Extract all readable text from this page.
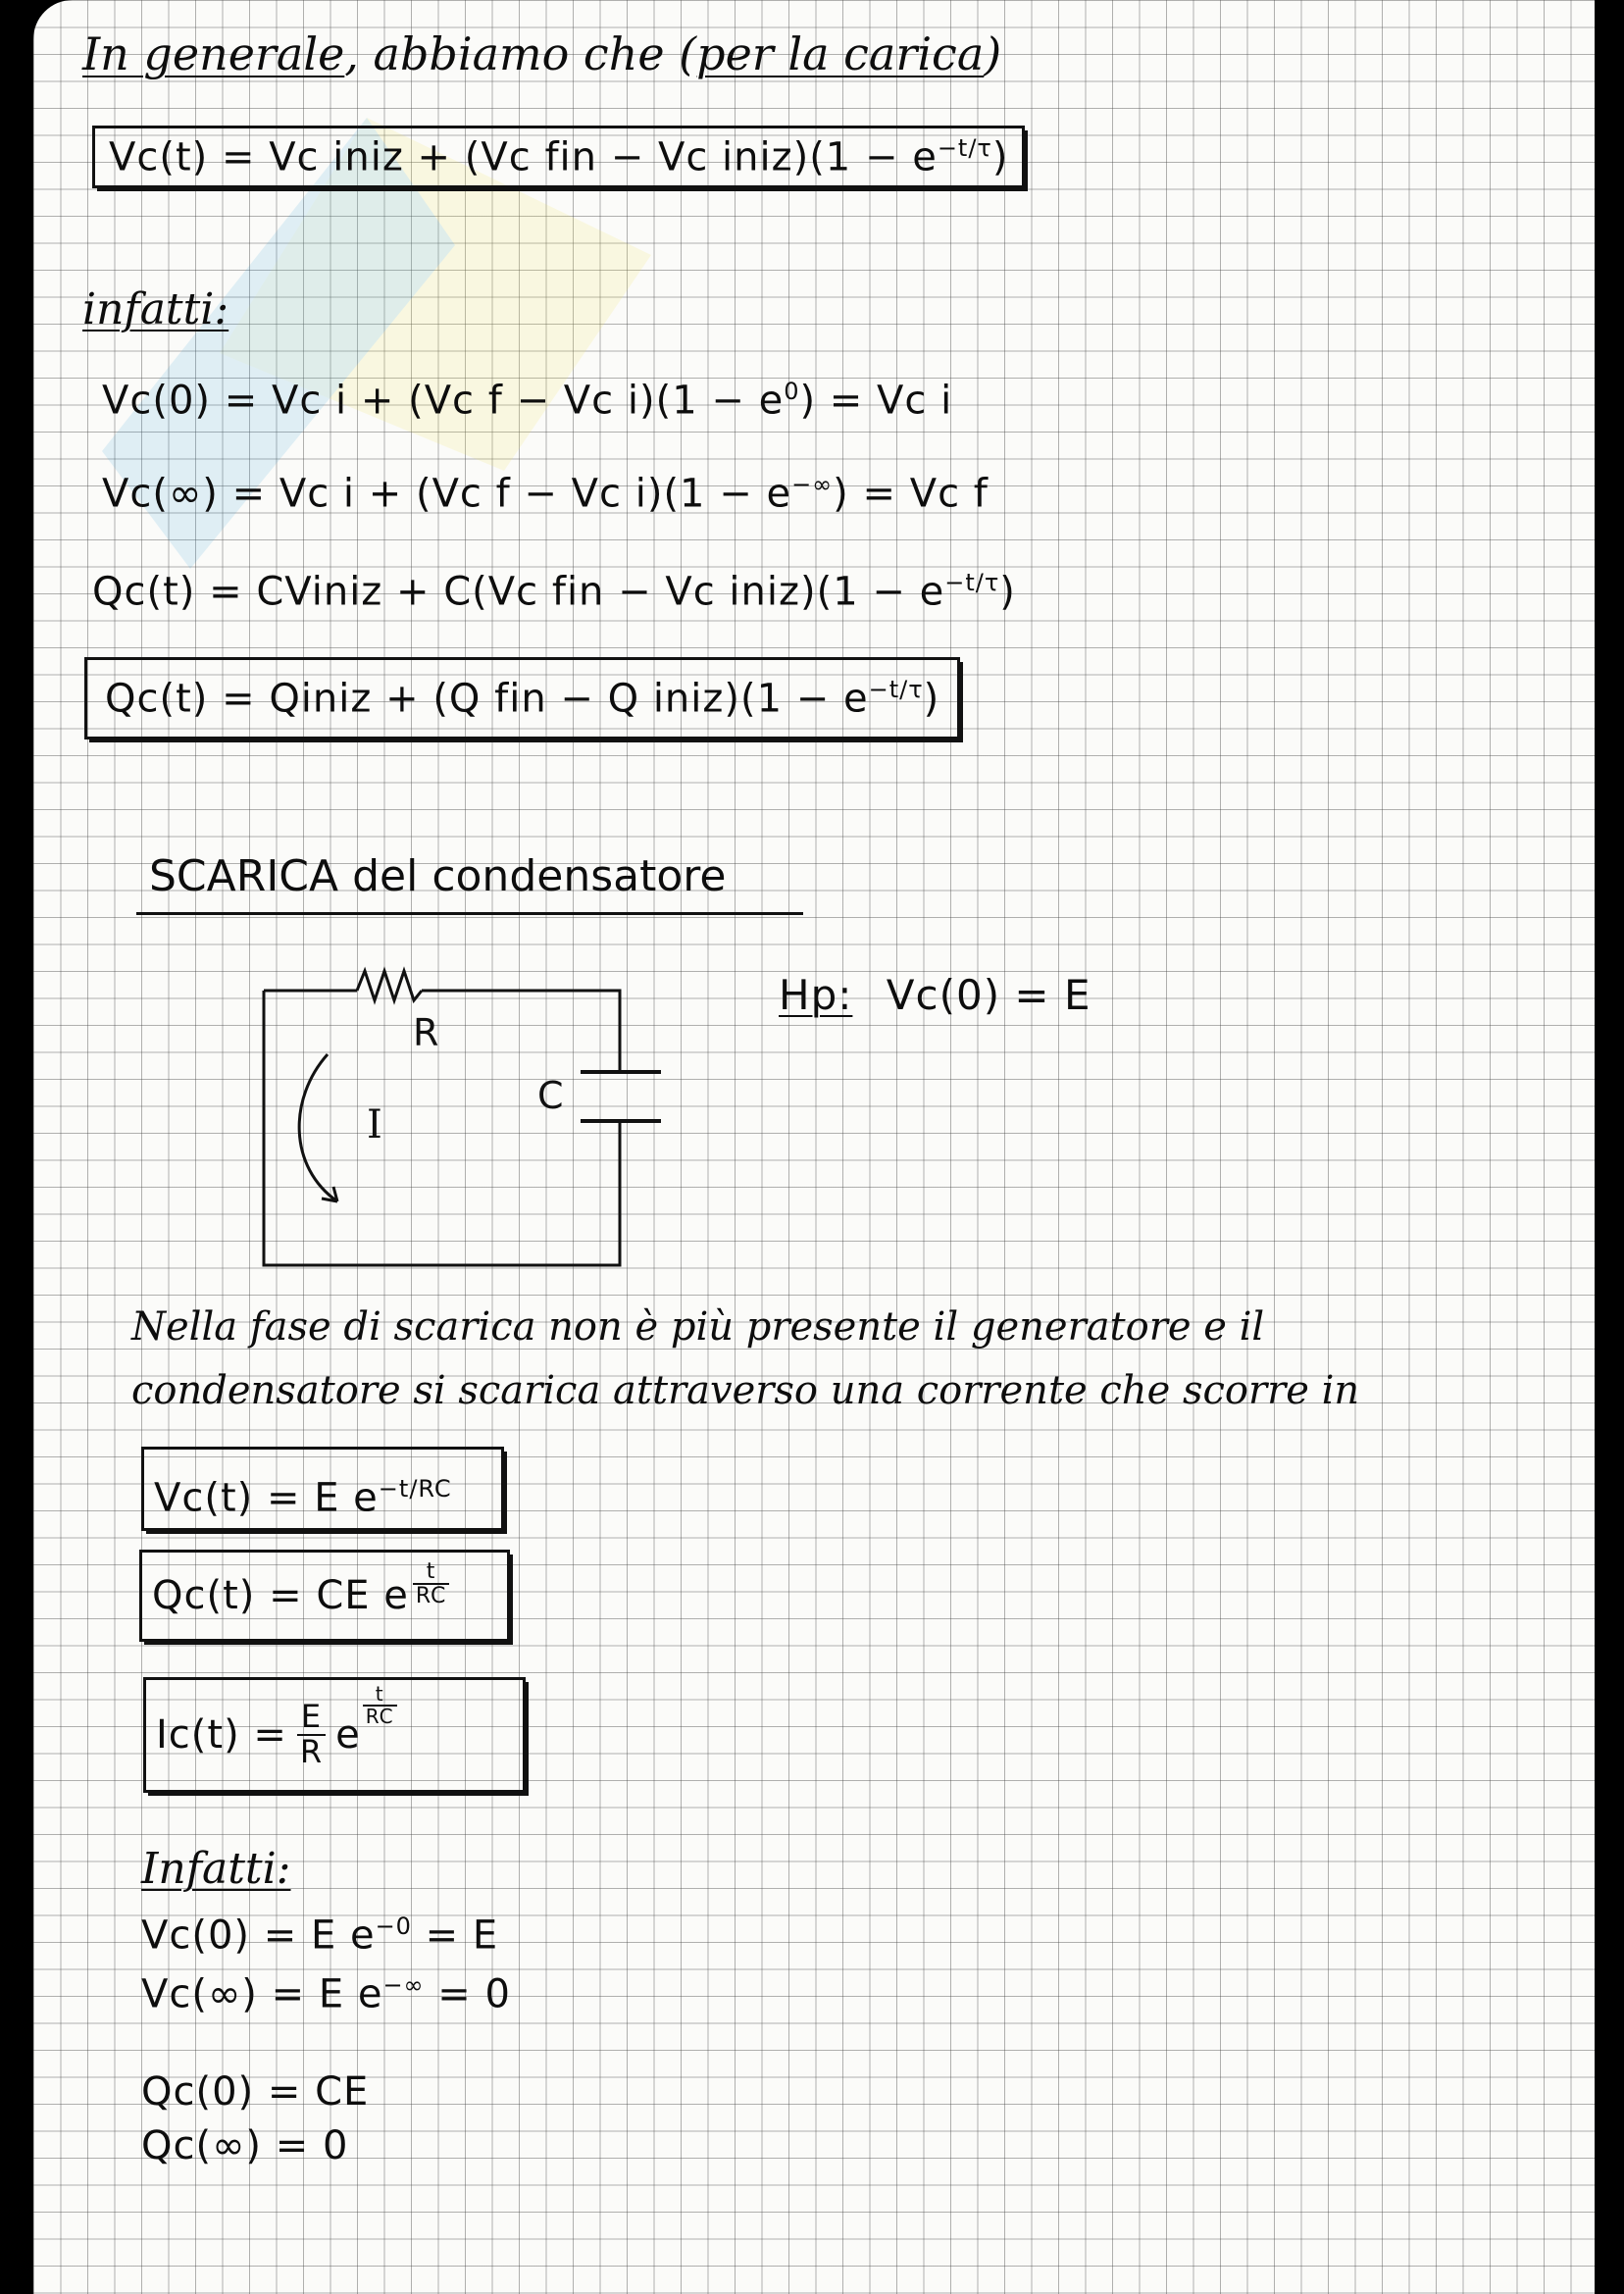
In generale, abbiamo che (per la carica)
Vc(t) = Vc iniz + (Vc fin − Vc iniz)(1 − $e^{-t/\tau}$)
infatti:
Vc(0) = Vc i + (Vc f − Vc $i)(1 - e^0) = Vc$ i
Vc(∞) = Vc i + (Vc f − Vc i)(1 − e−∞) = Vc f
Qc(t) = CViniz + C(Vc fin − Vc iniz)(1 − $e^{-t/\tau}$)
Qc(t) = Qiniz + (Q fin − Q iniz)(1 − $e^{-t/\tau}$)
SCARICA del condensatore
R
C
I
Hp: Vc(0) = E
Nella fase di scarica non è più presente il generatore e il
condensatore si scarica attraverso una corrente che scorre in
Vc(t) = E $e^{-t/RC}$
Qc(t) = CE e $\frac{t}{RC}$
$Ic(t) = \frac{E}{R}$ e
$\frac{t}{RC}$
Infatti:
Vc(0) = E $e^{-0} = E$
Vc(∞) = E e−∞ = 0
Qc(0) = CE
Qc(∞) = 0
